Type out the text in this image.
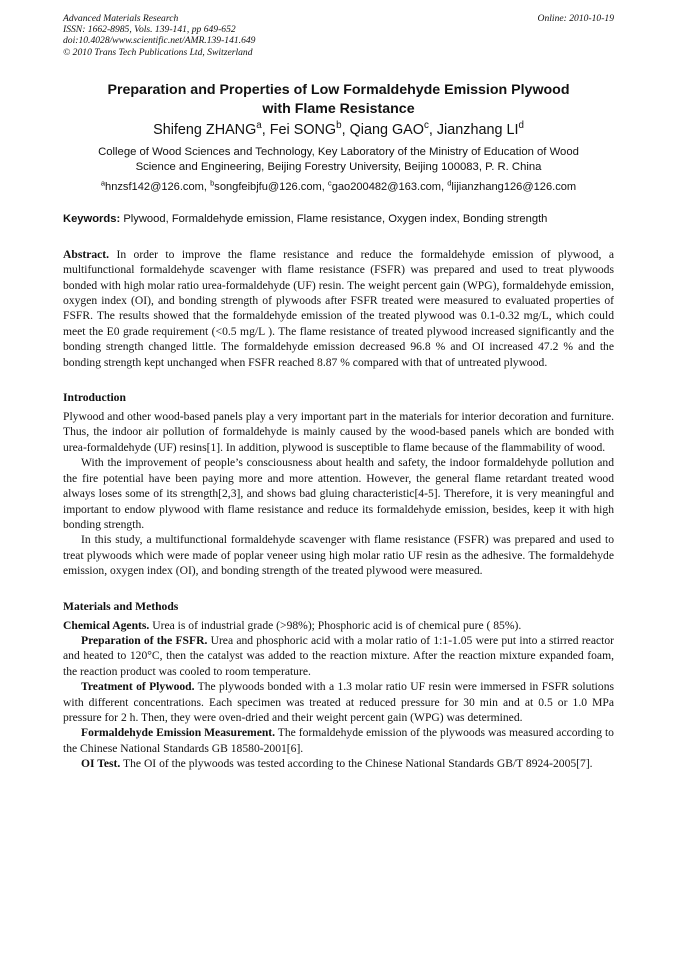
Advanced Materials Research
ISSN: 1662-8985, Vols. 139-141, pp 649-652
doi:10.4028/www.scientific.net/AMR.139-141.649
© 2010 Trans Tech Publications Ltd, Switzerland
Online: 2010-10-19
Preparation and Properties of Low Formaldehyde Emission Plywood
with Flame Resistance
Shifeng ZHANG$^a$, Fei SONG$^b$, Qiang GAO$^c$, Jianzhang $LI^d$
College of Wood Sciences and Technology, Key Laboratory of the Ministry of Education of Wood
Science and Engineering, Beijing Forestry University, Beijing 100083, P. R. China
$^a$hnzsf142@126.com, $^b$songfeibjfu@126.com, $^c$gao200482@163.com, $^d$lijianzhang126@126.com
Keywords: Plywood, Formaldehyde emission, Flame resistance, Oxygen index, Bonding strength

Abstract. In order to improve the flame resistance and reduce the formaldehyde emission of plywood, a multifunctional formaldehyde scavenger with flame resistance (FSFR) was prepared and used to treat plywoods bonded with high molar ratio urea-formaldehyde (UF) resin. The weight percent gain (WPG), formaldehyde emission, oxygen index (OI), and bonding strength of plywoods after FSFR treated were measured to evaluated properties of FSFR. The results showed that the formaldehyde emission of the treated plywood was 0.1-0.32 mg/L, which could meet the E0 grade requirement (<0.5 mg/L ). The flame resistance of treated plywood increased significantly and the bonding strength changed little. The formaldehyde emission decreased 96.8 % and OI increased 47.2 % and the bonding strength kept unchanged when FSFR reached 8.87 % compared with that of untreated plywood.

Introduction

Plywood and other wood-based panels play a very important part in the materials for interior decoration and furniture. Thus, the indoor air pollution of formaldehyde is mainly caused by the wood-based panels which are bonded with urea-formaldehyde (UF) resins[1]. In addition, plywood is susceptible to flame because of the flammability of wood.

With the improvement of people’s consciousness about health and safety, the indoor formaldehyde pollution and the fire potential have been paying more and more attention. However, the general flame retardant treated wood always loses some of its strength[2,3], and shows bad gluing characteristic[4-5]. Therefore, it is very meaningful and important to endow plywood with flame resistance and reduce its formaldehyde emission, besides, keep it with high bonding strength.

In this study, a multifunctional formaldehyde scavenger with flame resistance (FSFR) was prepared and used to treat plywoods which were made of poplar veneer using high molar ratio UF resin as the adhesive. The formaldehyde emission, oxygen index (OI), and bonding strength of the treated plywood were measured.

Materials and Methods

Chemical Agents. Urea is of industrial grade (>98%); Phosphoric acid is of chemical pure ( 85%).

Preparation of the FSFR. Urea and phosphoric acid with a molar ratio of 1:1-1.05 were put into a stirred reactor and heated to 120°C, then the catalyst was added to the reaction mixture. After the reaction mixture expanded foam, the reaction product was cooled to room temperature.

Treatment of Plywood. The plywoods bonded with a 1.3 molar ratio UF resin were immersed in FSFR solutions with different concentrations. Each specimen was treated at reduced pressure for 30 min and at 0.5 or 1.0 MPa pressure for 2 h. Then, they were oven-dried and their weight percent gain (WPG) was determined.

Formaldehyde Emission Measurement. The formaldehyde emission of the plywoods was measured according to the Chinese National Standards GB 18580-2001[6].

OI Test. The OI of the plywoods was tested according to the Chinese National Standards GB/T 8924-2005[7].
